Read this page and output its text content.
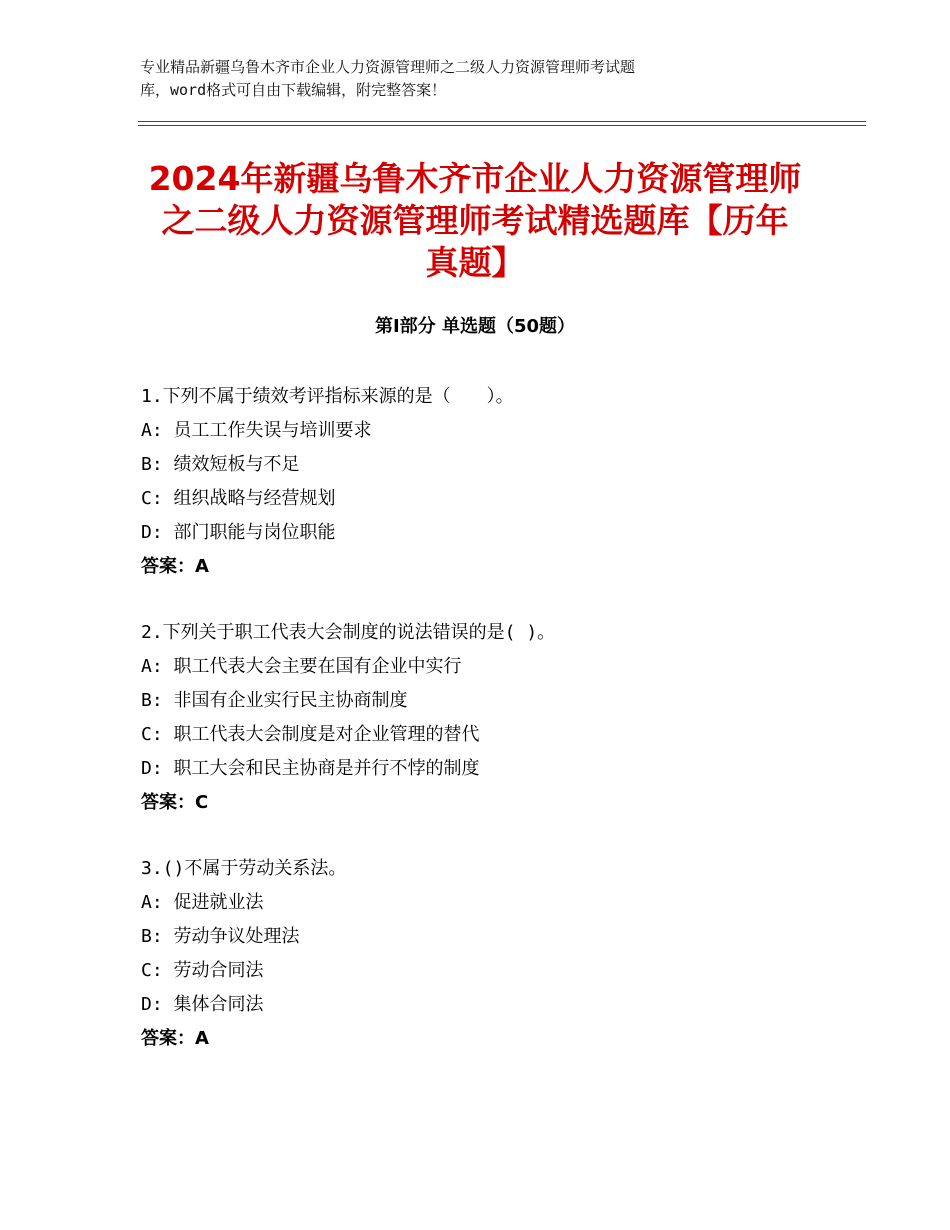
专业精品新疆乌鲁木齐市企业人力资源管理师之二级人力资源管理师考试题
库，word格式可自由下载编辑，附完整答案！
2024年新疆乌鲁木齐市企业人力资源管理师
之二级人力资源管理师考试精选题库【历年
真题】
第Ⅰ部分 单选题（50题）
1.下列不属于绩效考评指标来源的是（　　）。
A: 员工工作失误与培训要求
B: 绩效短板与不足
C: 组织战略与经营规划
D: 部门职能与岗位职能
答案：A
2.下列关于职工代表大会制度的说法错误的是( )。
A: 职工代表大会主要在国有企业中实行
B: 非国有企业实行民主协商制度
C: 职工代表大会制度是对企业管理的替代
D: 职工大会和民主协商是并行不悖的制度
答案：C
3.()不属于劳动关系法。
A: 促进就业法
B: 劳动争议处理法
C: 劳动合同法
D: 集体合同法
答案：A
